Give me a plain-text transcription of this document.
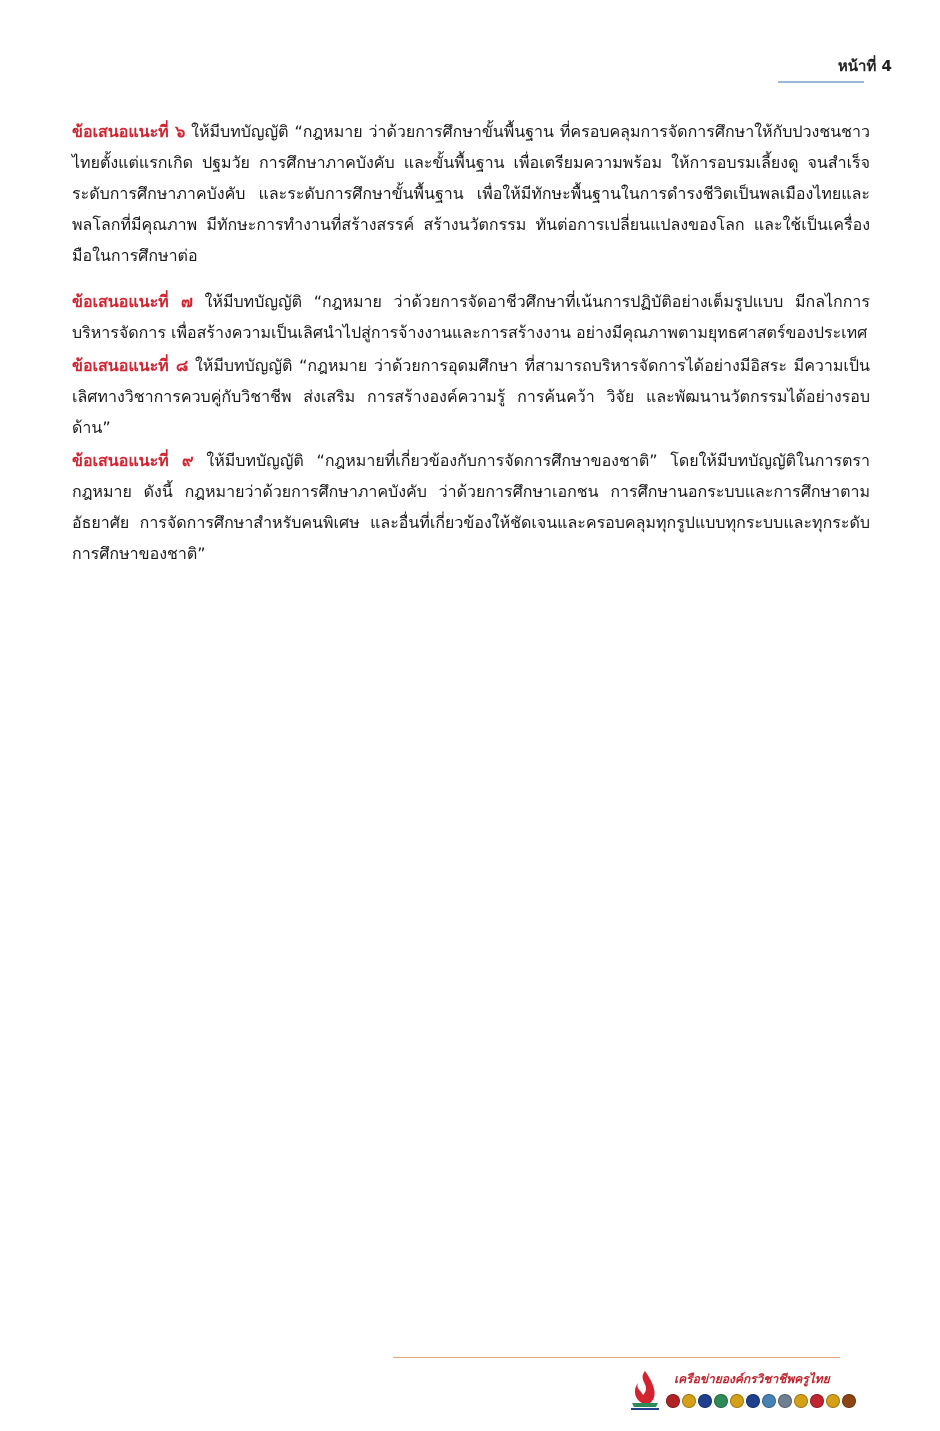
หน้าที่ 4

ข้อเสนอแนะที่ ๖ ให้มีบทบัญญัติ “กฎหมาย ว่าด้วยการศึกษาขั้นพื้นฐาน ที่ครอบคลุมการจัดการศึกษาให้กับปวงชนชาวไทยตั้งแต่แรกเกิด ปฐมวัย การศึกษาภาคบังคับ และขั้นพื้นฐาน เพื่อเตรียมความพร้อม ให้การอบรมเลี้ยงดู จนสำเร็จระดับการศึกษาภาคบังคับ และระดับการศึกษาขั้นพื้นฐาน เพื่อให้มีทักษะพื้นฐานในการดำรงชีวิตเป็นพลเมืองไทยและพลโลกที่มีคุณภาพ มีทักษะการทำงานที่สร้างสรรค์ สร้างนวัตกรรม ทันต่อการเปลี่ยนแปลงของโลก และใช้เป็นเครื่องมือในการศึกษาต่อ

ข้อเสนอแนะที่ ๗ ให้มีบทบัญญัติ “กฎหมาย ว่าด้วยการจัดอาชีวศึกษาที่เน้นการปฏิบัติอย่างเต็มรูปแบบ มีกลไกการบริหารจัดการ เพื่อสร้างความเป็นเลิศนำไปสู่การจ้างงานและการสร้างงาน อย่างมีคุณภาพตามยุทธศาสตร์ของประเทศ

ข้อเสนอแนะที่ ๘ ให้มีบทบัญญัติ “กฎหมาย ว่าด้วยการอุดมศึกษา ที่สามารถบริหารจัดการได้อย่างมีอิสระ มีความเป็นเลิศทางวิชาการควบคู่กับวิชาชีพ ส่งเสริม การสร้างองค์ความรู้ การค้นคว้า วิจัย และพัฒนานวัตกรรมได้อย่างรอบด้าน”

ข้อเสนอแนะที่ ๙ ให้มีบทบัญญัติ “กฎหมายที่เกี่ยวข้องกับการจัดการศึกษาของชาติ” โดยให้มีบทบัญญัติในการตรากฎหมาย ดังนี้ กฎหมายว่าด้วยการศึกษาภาคบังคับ ว่าด้วยการศึกษาเอกชน การศึกษานอกระบบและการศึกษาตามอัธยาศัย การจัดการศึกษาสำหรับคนพิเศษ และอื่นที่เกี่ยวข้องให้ชัดเจนและครอบคลุมทุกรูปแบบทุกระบบและทุกระดับการศึกษาของชาติ”

เครือข่ายองค์กรวิชาชีพครูไทย
